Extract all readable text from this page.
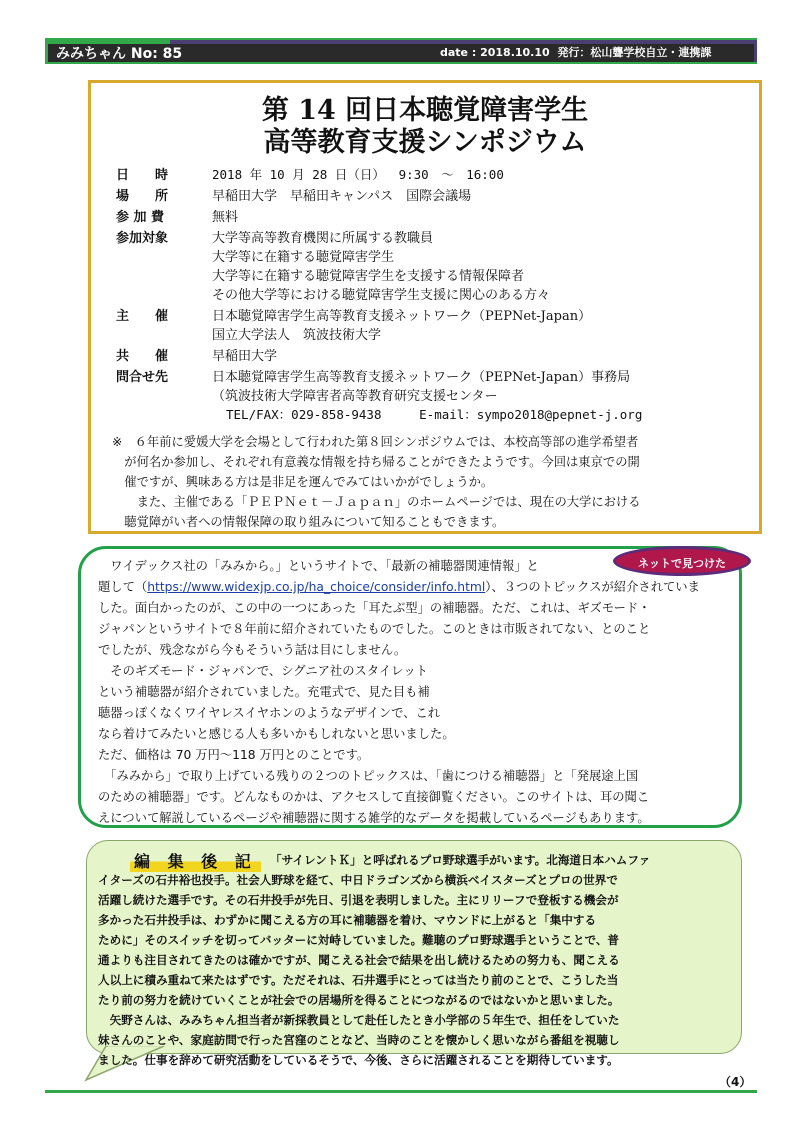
みみちゃん No: 85	date : 2018.10.10 発行：松山聾学校自立・連携課
第 14 回日本聴覚障害学生
高等教育支援シンポジウム
日　　時	2018 年 10 月 28 日（日）　 9:30　～　16:00
場　　所	早稲田大学　早稲田キャンパス　国際会議場
参 加 費	無料
参加対象	大学等高等教育機関に所属する教職員
大学等に在籍する聴覚障害学生
大学等に在籍する聴覚障害学生を支援する情報保障者
その他大学等における聴覚障害学生支援に関心のある方々
主　　催	日本聴覚障害学生高等教育支援ネットワーク（PEPNet-Japan）
国立大学法人　筑波技術大学
共　　催	早稲田大学
問合せ先	日本聴覚障害学生高等教育支援ネットワーク（PEPNet-Japan）事務局
（筑波技術大学障害者高等教育研究支援センター
TEL/FAX：029-858-9438	E-mail：sympo2018@pepnet-j.org
※　６年前に愛媛大学を会場として行われた第８回シンポジウムでは、本校高等部の進学希望者
　が何名か参加し、それぞれ有意義な情報を持ち帰ることができたようです。今回は東京での開
　催ですが、興味ある方は是非足を運んでみてはいかがでしょうか。
　　また、主催である「ＰＥＰＮｅｔ－Ｊａｐａｎ」のホームページでは、現在の大学における
　聴覚障がい者への情報保障の取り組みについて知ることもできます。
ネットで見つけた
　ワイデックス社の「みみから。」というサイトで、「最新の補聴器関連情報」と
題して（https://www.widexjp.co.jp/ha_choice/consider/info.html）、３つのトピックスが紹介されていま
した。面白かったのが、この中の一つにあった「耳たぶ型」の補聴器。ただ、これは、ギズモード・
ジャパンというサイトで８年前に紹介されていたものでした。このときは市販されてない、とのこと
でしたが、残念ながら今もそういう話は目にしません。
　そのギズモード・ジャパンで、シグニア社のスタイレット
という補聴器が紹介されていました。充電式で、見た目も補
聴器っぽくなくワイヤレスイヤホンのようなデザインで、これ
なら着けてみたいと感じる人も多いかもしれないと思いました。
ただ、価格は 70 万円～118 万円とのことです。
　「みみから」で取り上げている残りの２つのトピックスは、「歯につける補聴器」と「発展途上国
のための補聴器」です。どんなものかは、アクセスして直接御覧ください。このサイトは、耳の聞こ
えについて解説しているページや補聴器に関する雑学的なデータを掲載しているページもあります。
編 集 後 記	「サイレントＫ」と呼ばれるプロ野球選手がいます。北海道日本ハムファ
イターズの石井裕也投手。社会人野球を経て、中日ドラゴンズから横浜ベイスターズとプロの世界で
活躍し続けた選手です。その石井投手が先日、引退を表明しました。主にリリーフで登板する機会が
多かった石井投手は、わずかに聞こえる方の耳に補聴器を着け、マウンドに上がると「集中する
ために」そのスイッチを切ってバッターに対峙していました。難聴のプロ野球選手ということで、普
通よりも注目されてきたのは確かですが、聞こえる社会で結果を出し続けるための努力も、聞こえる
人以上に積み重ねて来たはずです。ただそれは、石井選手にとっては当たり前のことで、こうした当
たり前の努力を続けていくことが社会での居場所を得ることにつながるのではないかと思いました。
　矢野さんは、みみちゃん担当者が新採教員として赴任したとき小学部の５年生で、担任をしていた
妹さんのことや、家庭訪問で行った宮窪のことなど、当時のことを懐かしく思いながら番組を視聴し
ました。仕事を辞めて研究活動をしているそうで、今後、さらに活躍されることを期待しています。
（4）
